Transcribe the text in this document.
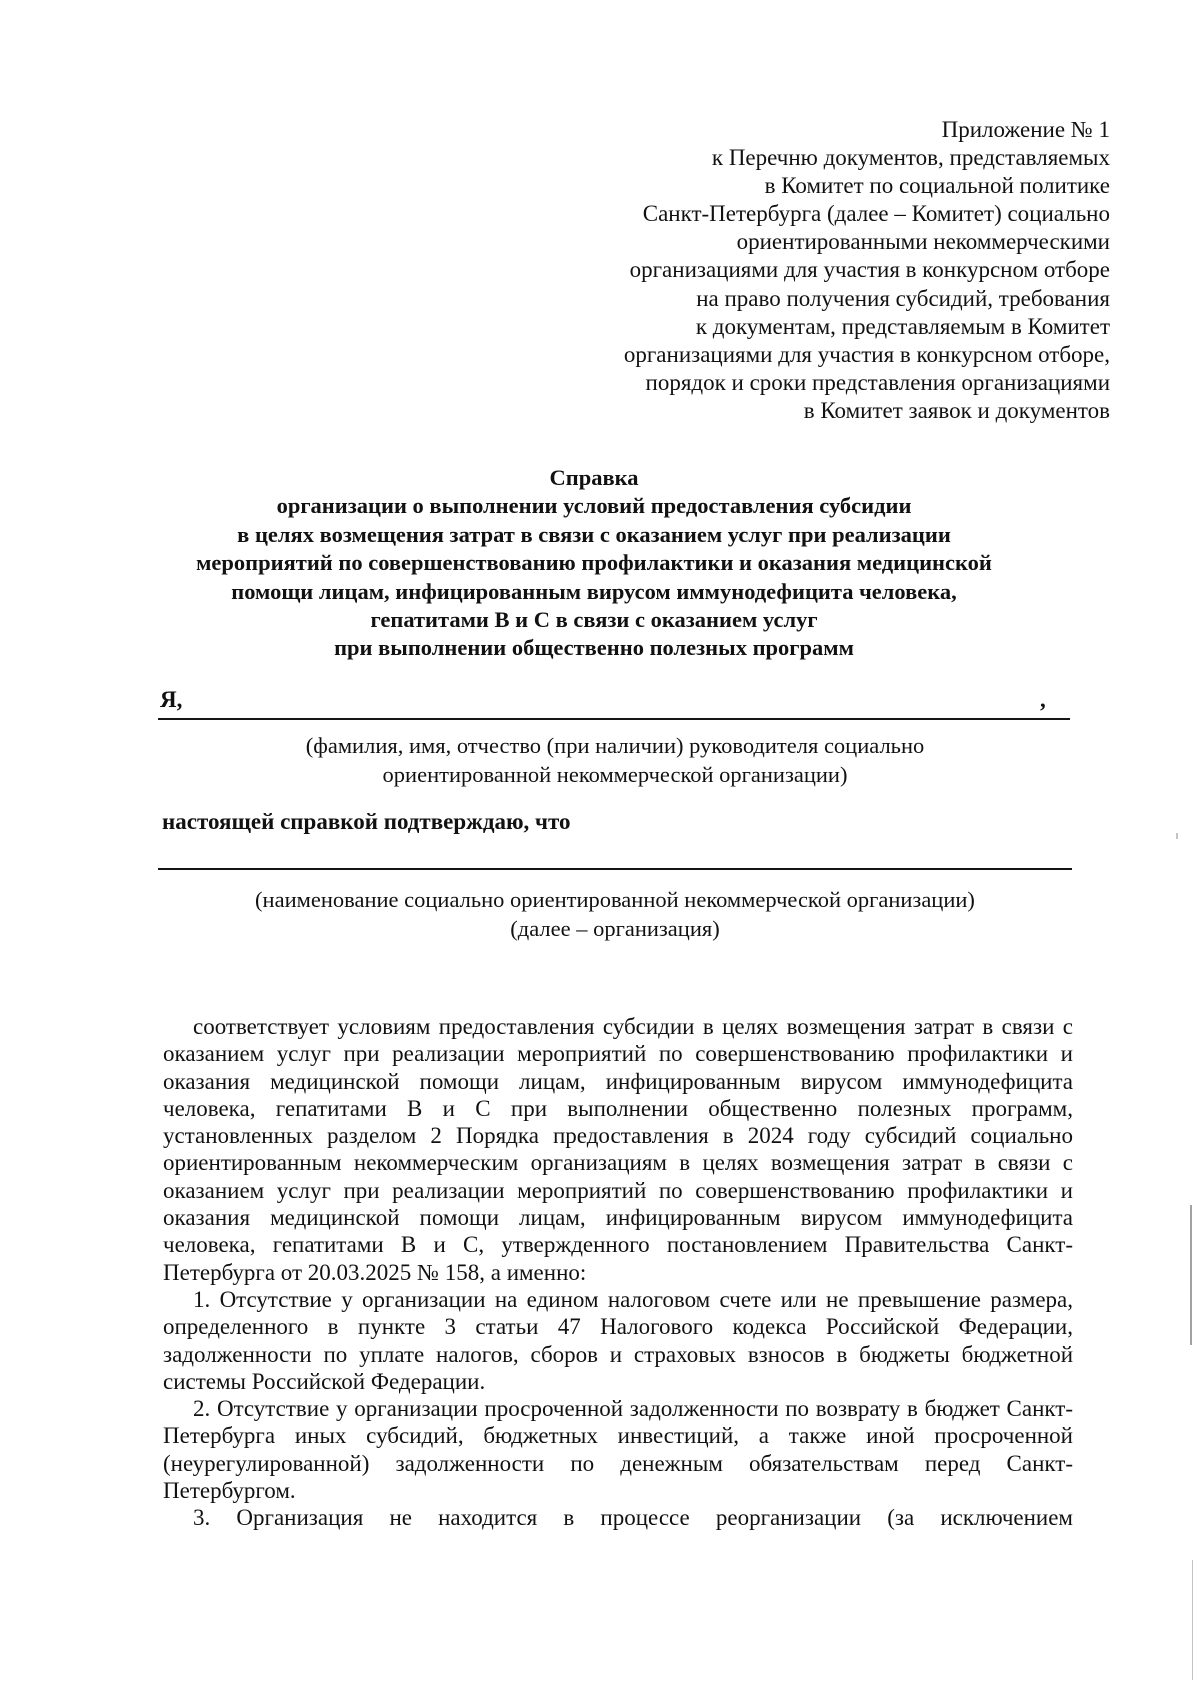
Приложение № 1
к Перечню документов, представляемых
в Комитет по социальной политике
Санкт-Петербурга (далее – Комитет) социально
ориентированными некоммерческими
организациями для участия в конкурсном отборе
на право получения субсидий, требования
к документам, представляемым в Комитет
организациями для участия в конкурсном отборе,
порядок и сроки представления организациями
в Комитет заявок и документов
Справка
организации о выполнении условий предоставления субсидии
в целях возмещения затрат в связи с оказанием услуг при реализации
мероприятий по совершенствованию профилактики и оказания медицинской
помощи лицам, инфицированным вирусом иммунодефицита человека,
гепатитами В и С в связи с оказанием услуг
при выполнении общественно полезных программ
Я,	,
(фамилия, имя, отчество (при наличии) руководителя социально
ориентированной некоммерческой организации)
настоящей справкой подтверждаю, что
(наименование социально ориентированной некоммерческой организации)
(далее – организация)

соответствует условиям предоставления субсидии в целях возмещения затрат в связи с оказанием услуг при реализации мероприятий по совершенствованию профилактики и оказания медицинской помощи лицам, инфицированным вирусом иммунодефицита человека, гепатитами В и С при выполнении общественно полезных программ, установленных разделом 2 Порядка предоставления в 2024 году субсидий социально ориентированным некоммерческим организациям в целях возмещения затрат в связи с оказанием услуг при реализации мероприятий по совершенствованию профилактики и оказания медицинской помощи лицам, инфицированным вирусом иммунодефицита человека, гепатитами В и С, утвержденного постановлением Правительства Санкт-Петербурга от 20.03.2025 № 158, а именно:

1. Отсутствие у организации на едином налоговом счете или не превышение размера, определенного в пункте 3 статьи 47 Налогового кодекса Российской Федерации, задолженности по уплате налогов, сборов и страховых взносов в бюджеты бюджетной системы Российской Федерации.

2. Отсутствие у организации просроченной задолженности по возврату в бюджет Санкт-Петербурга иных субсидий, бюджетных инвестиций, а также иной просроченной (неурегулированной) задолженности по денежным обязательствам перед Санкт-Петербургом.

3. Организация не находится в процессе реорганизации (за исключением
